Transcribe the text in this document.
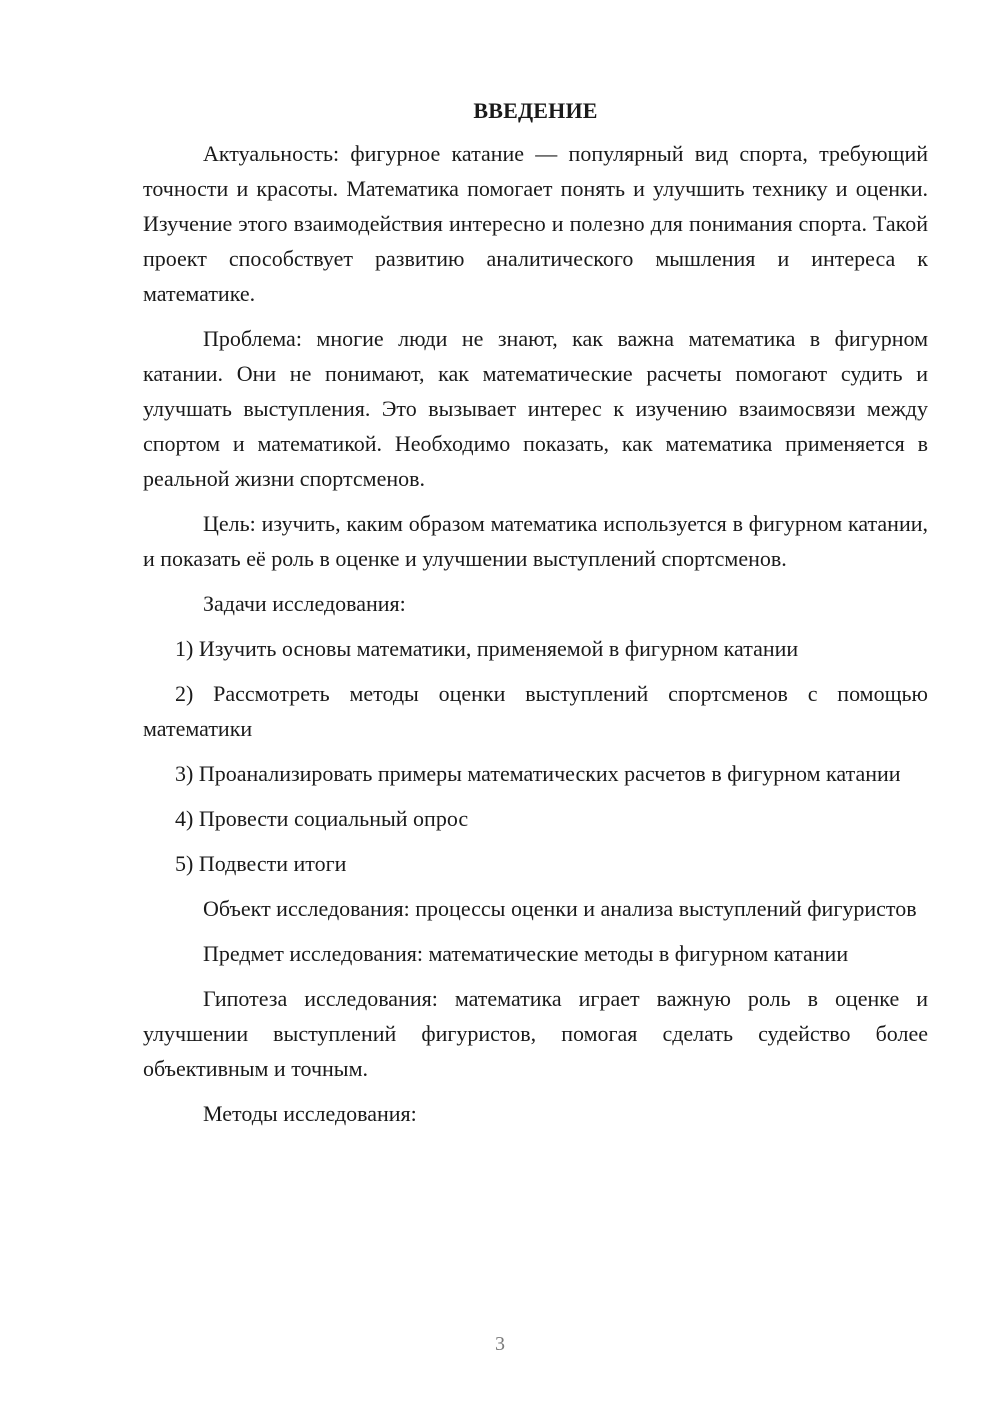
ВВЕДЕНИЕ

Актуальность: фигурное катание — популярный вид спорта, требующий точности и красоты. Математика помогает понять и улучшить технику и оценки. Изучение этого взаимодействия интересно и полезно для понимания спорта. Такой проект способствует развитию аналитического мышления и интереса к математике.

Проблема: многие люди не знают, как важна математика в фигурном катании. Они не понимают, как математические расчеты помогают судить и улучшать выступления. Это вызывает интерес к изучению взаимосвязи между спортом и математикой. Необходимо показать, как математика применяется в реальной жизни спортсменов.

Цель: изучить, каким образом математика используется в фигурном катании, и показать её роль в оценке и улучшении выступлений спортсменов.

Задачи исследования:

1) Изучить основы математики, применяемой в фигурном катании

2) Рассмотреть методы оценки выступлений спортсменов с помощью математики

3) Проанализировать примеры математических расчетов в фигурном катании

4) Провести социальный опрос

5) Подвести итоги

Объект исследования: процессы оценки и анализа выступлений фигуристов

Предмет исследования: математические методы в фигурном катании

Гипотеза исследования: математика играет важную роль в оценке и улучшении выступлений фигуристов, помогая сделать судейство более объективным и точным.

Методы исследования:

3
